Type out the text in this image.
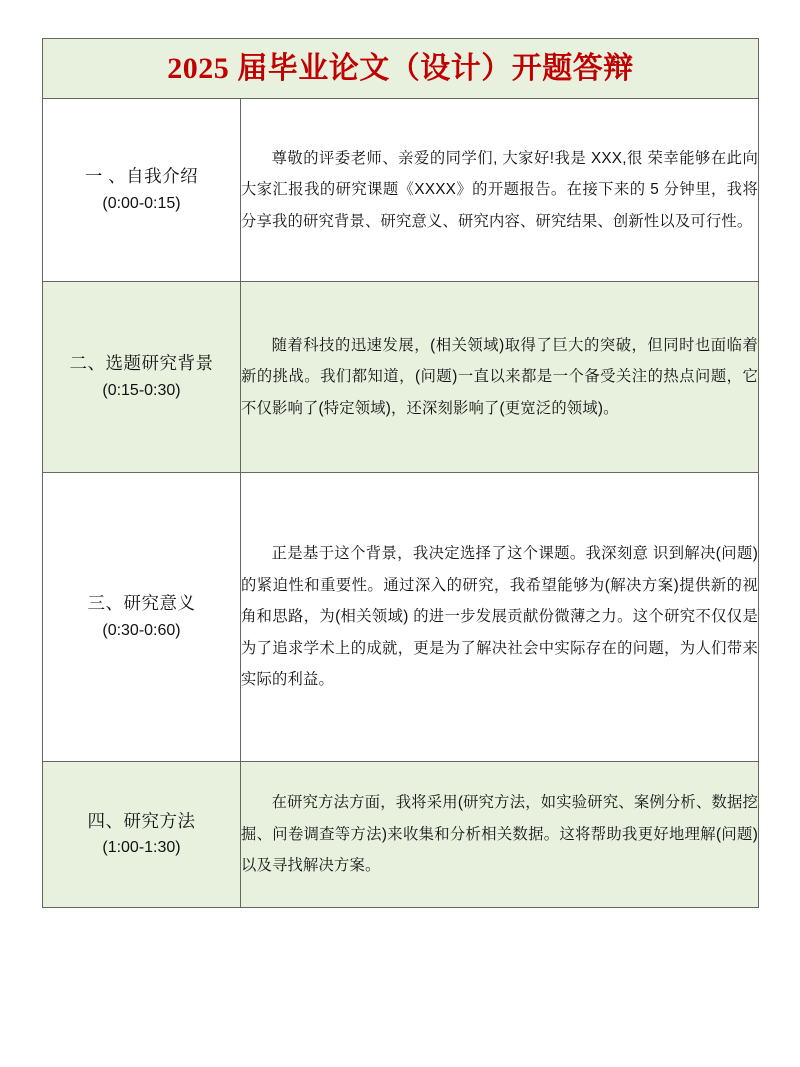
2025 届毕业论文（设计）开题答辩	

一 、自我介绍
(0:00-0:15)	尊敬的评委老师、亲爱的同学们, 大家好!我是 XXX,很 荣幸能够在此向大家汇报我的研究课题《XXXX》的开题报告。在接下来的 5 分钟里，我将分享我的研究背景、研究意义、研究内容、研究结果、创新性以及可行性。

二、选题研究背景
(0:15-0:30)	随着科技的迅速发展，(相关领域)取得了巨大的突破，但同时也面临着新的挑战。我们都知道，(问题)一直以来都是一个备受关注的热点问题，它不仅影响了(特定领域)，还深刻影响了(更宽泛的领域)。

三、研究意义
(0:30-0:60)	正是基于这个背景，我决定选择了这个课题。我深刻意 识到解决(问题)的紧迫性和重要性。通过深入的研究，我希望能够为(解决方案)提供新的视角和思路，为(相关领域) 的进一步发展贡献份微薄之力。这个研究不仅仅是为了追求学术上的成就，更是为了解决社会中实际存在的问题，为人们带来实际的利益。

四、研究方法
(1:00-1:30)	在研究方法方面，我将采用(研究方法，如实验研究、案例分析、数据挖掘、问卷调查等方法)来收集和分析相关数据。这将帮助我更好地理解(问题)以及寻找解决方案。
